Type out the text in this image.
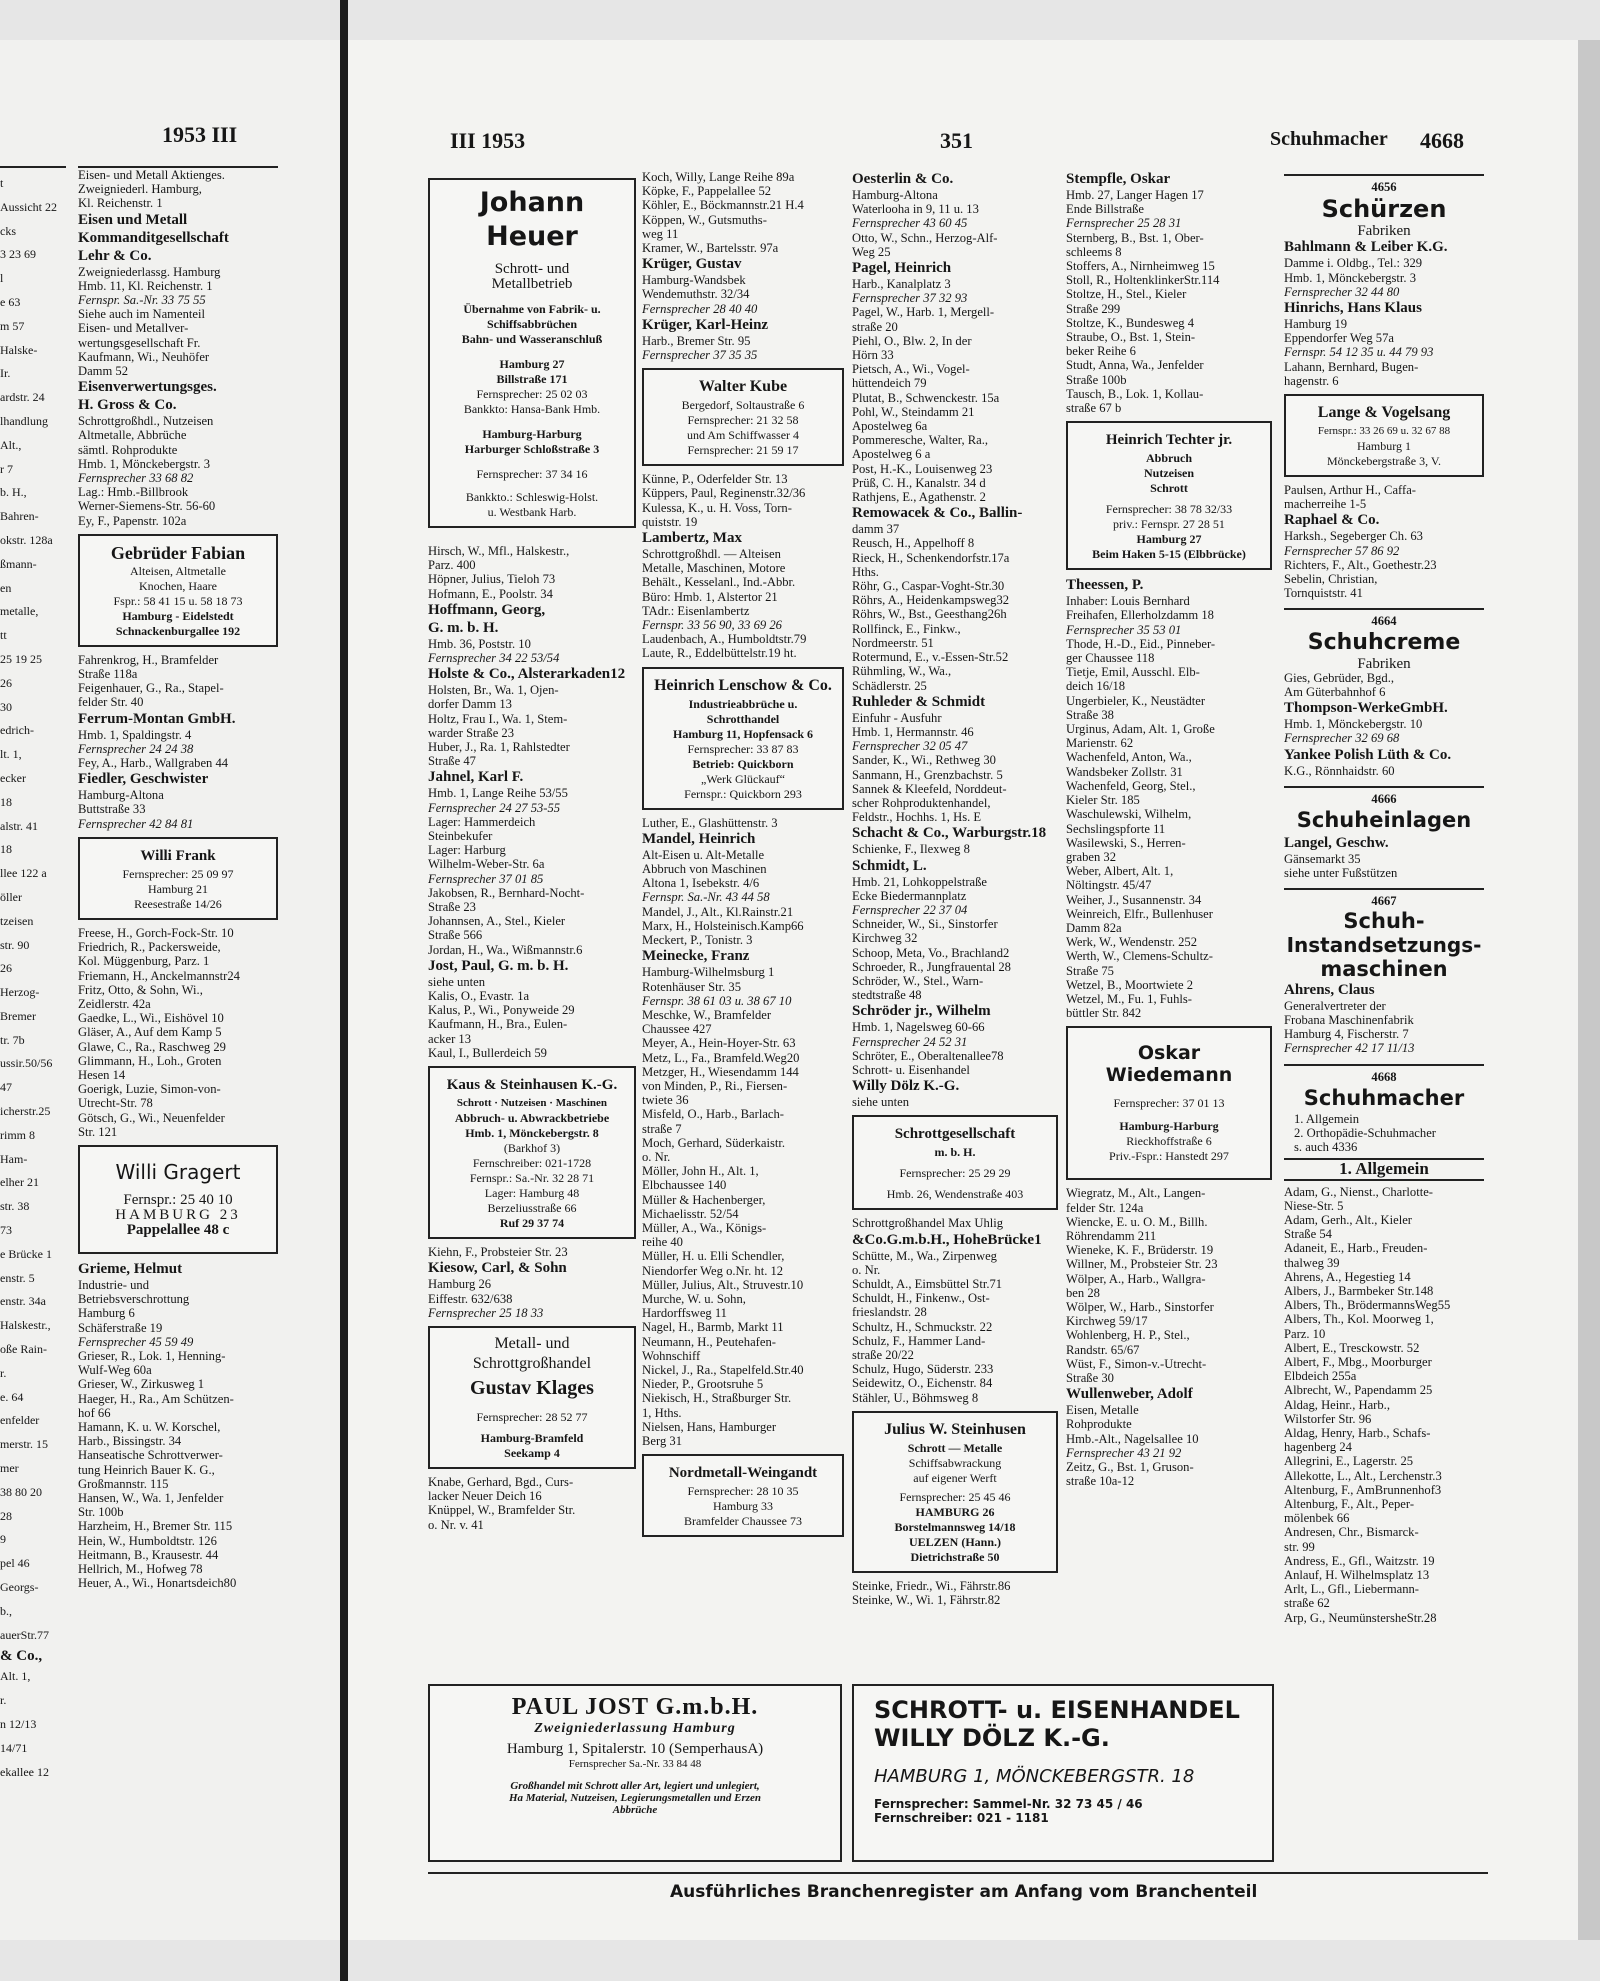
1953 III
t
Aussicht 22
cks
3 23 69
l
e 63
m 57
Halske-
Ir.
ardstr. 24
lhandlung
Alt.,
r 7
b. H.,
Bahren-
okstr. 128a
ßmann-
en
metalle,
tt
25 19 25
26
30
edrich-
lt. 1,
ecker
18
alstr. 41
18
llee 122 a
öller
tzeisen
str. 90
26
Herzog-
Bremer
tr. 7b
ussir.50/56
47
icherstr.25
rimm 8
Ham-
elher 21
str. 38
73
e Brücke 1
enstr. 5
enstr. 34a
Halskestr.,
oße Rain-
r.
e. 64
enfelder
merstr. 15
mer
38 80 20
28
9
pel 46
Georgs-
b.,
auerStr.77
& Co.,
Alt. 1,
r.
n 12/13
14/71
ekallee 12
Eisen- und Metall Aktienges.
Zweigniederl. Hamburg,
Kl. Reichenstr. 1
Eisen und Metall
Kommanditgesellschaft
Lehr & Co.
Zweigniederlassg. Hamburg
Hmb. 11, Kl. Reichenstr. 1
Fernspr. Sa.-Nr. 33 75 55
Siehe auch im Namenteil
Eisen- und Metallver-
wertungsgesellschaft Fr.
Kaufmann, Wi., Neuhöfer
Damm 52
Eisenverwertungsges.
H. Gross & Co.
Schrottgroßhdl., Nutzeisen
Altmetalle, Abbrüche
sämtl. Rohprodukte
Hmb. 1, Mönckebergstr. 3
Fernsprecher 33 68 82
Lag.: Hmb.-Billbrook
Werner-Siemens-Str. 56-60
Ey, F., Papenstr. 102a
Gebrüder Fabian
Alteisen, Altmetalle
Knochen, Haare
Fspr.: 58 41 15 u. 58 18 73
Hamburg - Eidelstedt
Schnackenburgallee 192
Fahrenkrog, H., Bramfelder
Straße 118a
Feigenhauer, G., Ra., Stapel-
felder Str. 40
Ferrum-Montan GmbH.
Hmb. 1, Spaldingstr. 4
Fernsprecher 24 24 38
Fey, A., Harb., Wallgraben 44
Fiedler, Geschwister
Hamburg-Altona
Buttstraße 33
Fernsprecher 42 84 81
Willi Frank
Fernsprecher: 25 09 97
Hamburg 21
Reesestraße 14/26
Freese, H., Gorch-Fock-Str. 10
Friedrich, R., Packersweide,
Kol. Müggenburg, Parz. 1
Friemann, H., Anckelmannstr24
Fritz, Otto, & Sohn, Wi.,
Zeidlerstr. 42a
Gaedke, L., Wi., Eishövel 10
Gläser, A., Auf dem Kamp 5
Glawe, C., Ra., Raschweg 29
Glimmann, H., Loh., Groten
Hesen 14
Goerigk, Luzie, Simon-von-
Utrecht-Str. 78
Götsch, G., Wi., Neuenfelder
Str. 121
Willi Gragert
Fernspr.: 25 40 10
HAMBURG 23
Pappelallee 48 c
Grieme, Helmut
Industrie- und
Betriebsverschrottung
Hamburg 6
Schäferstraße 19
Fernsprecher 45 59 49
Grieser, R., Lok. 1, Henning-
Wulf-Weg 60a
Grieser, W., Zirkusweg 1
Haeger, H., Ra., Am Schützen-
hof 66
Hamann, K. u. W. Korschel,
Harb., Bissingstr. 34
Hanseatische Schrottverwer-
tung Heinrich Bauer K. G.,
Großmannstr. 115
Hansen, W., Wa. 1, Jenfelder
Str. 100b
Harzheim, H., Bremer Str. 115
Hein, W., Humboldtstr. 126
Heitmann, B., Krausestr. 44
Hellrich, M., Hofweg 78
Heuer, A., Wi., Honartsdeich80
III 1953	351	Schuhmacher 4668
Johann Heuer
Schrott- und
Metallbetrieb
Übernahme von Fabrik- u.
Schiffsabbrüchen
Bahn- und Wasseranschluß
Hamburg 27
Billstraße 171
Fernsprecher: 25 02 03
Bankkto: Hansa-Bank Hmb.
Hamburg-Harburg
Harburger Schloßstraße 3
Fernsprecher: 37 34 16
Bankkto.: Schleswig-Holst.
u. Westbank Harb.
Hirsch, W., Mfl., Halskestr.,
Parz. 400
Höpner, Julius, Tieloh 73
Hofmann, E., Poolstr. 34
Hoffmann, Georg,
G. m. b. H.
Hmb. 36, Poststr. 10
Fernsprecher 34 22 53/54
Holste & Co., Alsterarkaden12
Holsten, Br., Wa. 1, Ojen-
dorfer Damm 13
Holtz, Frau I., Wa. 1, Stem-
warder Straße 23
Huber, J., Ra. 1, Rahlstedter
Straße 47
Jahnel, Karl F.
Hmb. 1, Lange Reihe 53/55
Fernsprecher 24 27 53-55
Lager: Hammerdeich
Steinbekufer
Lager: Harburg
Wilhelm-Weber-Str. 6a
Fernsprecher 37 01 85
Jakobsen, R., Bernhard-Nocht-
Straße 23
Johannsen, A., Stel., Kieler
Straße 566
Jordan, H., Wa., Wißmannstr.6
Jost, Paul, G. m. b. H.
siehe unten
Kalis, O., Evastr. 1a
Kalus, P., Wi., Ponyweide 29
Kaufmann, H., Bra., Eulen-
acker 13
Kaul, I., Bullerdeich 59
Kaus & Steinhausen K.-G.
Schrott · Nutzeisen · Maschinen
Abbruch- u. Abwrackbetriebe
Hmb. 1, Mönckebergstr. 8
(Barkhof 3)
Fernschreiber: 021-1728
Fernspr.: Sa.-Nr. 32 28 71
Lager: Hamburg 48
Berzeliusstraße 66
Ruf 29 37 74
Kiehn, F., Probsteier Str. 23
Kiesow, Carl, & Sohn
Hamburg 26
Eiffestr. 632/638
Fernsprecher 25 18 33
Metall- und
Schrottgroßhandel
Gustav Klages
Fernsprecher: 28 52 77
Hamburg-Bramfeld
Seekamp 4
Knabe, Gerhard, Bgd., Curs-
lacker Neuer Deich 16
Knüppel, W., Bramfelder Str.
o. Nr. v. 41
Koch, Willy, Lange Reihe 89a
Köpke, F., Pappelallee 52
Köhler, E., Böckmannstr.21 H.4
Köppen, W., Gutsmuths-
weg 11
Kramer, W., Bartelsstr. 97a
Krüger, Gustav
Hamburg-Wandsbek
Wendemuthstr. 32/34
Fernsprecher 28 40 40
Krüger, Karl-Heinz
Harb., Bremer Str. 95
Fernsprecher 37 35 35
Walter Kube
Bergedorf, Soltaustraße 6
Fernsprecher: 21 32 58
und Am Schiffwasser 4
Fernsprecher: 21 59 17
Künne, P., Oderfelder Str. 13
Küppers, Paul, Reginenstr.32/36
Kulessa, K., u. H. Voss, Torn-
quiststr. 19
Lambertz, Max
Schrottgroßhdl. — Alteisen
Metalle, Maschinen, Motore
Behält., Kesselanl., Ind.-Abbr.
Büro: Hmb. 1, Alstertor 21
TAdr.: Eisenlambertz
Fernspr. 33 56 90, 33 69 26
Laudenbach, A., Humboldtstr.79
Laute, R., Eddelbüttelstr.19 ht.
Heinrich Lenschow & Co.
Industrieabbrüche u.
Schrotthandel
Hamburg 11, Hopfensack 6
Fernsprecher: 33 87 83
Betrieb: Quickborn
„Werk Glückauf“
Fernspr.: Quickborn 293
Luther, E., Glashüttenstr. 3
Mandel, Heinrich
Alt-Eisen u. Alt-Metalle
Abbruch von Maschinen
Altona 1, Isebekstr. 4/6
Fernspr. Sa.-Nr. 43 44 58
Mandel, J., Alt., Kl.Rainstr.21
Marx, H., Holsteinisch.Kamp66
Meckert, P., Tonistr. 3
Meinecke, Franz
Hamburg-Wilhelmsburg 1
Rotenhäuser Str. 35
Fernspr. 38 61 03 u. 38 67 10
Meschke, W., Bramfelder
Chaussee 427
Meyer, A., Hein-Hoyer-Str. 63
Metz, L., Fa., Bramfeld.Weg20
Metzger, H., Wiesendamm 144
von Minden, P., Ri., Fiersen-
twiete 36
Misfeld, O., Harb., Barlach-
straße 7
Moch, Gerhard, Süderkaistr.
o. Nr.
Möller, John H., Alt. 1,
Elbchaussee 140
Müller & Hachenberger,
Michaelisstr. 52/54
Müller, A., Wa., Königs-
reihe 40
Müller, H. u. Elli Schendler,
Niendorfer Weg o.Nr. ht. 12
Müller, Julius, Alt., Struvestr.10
Murche, W. u. Sohn,
Hardorffsweg 11
Nagel, H., Barmb, Markt 11
Neumann, H., Peutehafen-
Wohnschiff
Nickel, J., Ra., Stapelfeld.Str.40
Nieder, P., Grootsruhe 5
Niekisch, H., Straßburger Str.
1, Hths.
Nielsen, Hans, Hamburger
Berg 31
Nordmetall-Weingandt
Fernsprecher: 28 10 35
Hamburg 33
Bramfelder Chaussee 73
Oesterlin & Co.
Hamburg-Altona
Waterlooha in 9, 11 u. 13
Fernsprecher 43 60 45
Otto, W., Schn., Herzog-Alf-
Weg 25
Pagel, Heinrich
Harb., Kanalplatz 3
Fernsprecher 37 32 93
Pagel, W., Harb. 1, Mergell-
straße 20
Piehl, O., Blw. 2, In der
Hörn 33
Pietsch, A., Wi., Vogel-
hüttendeich 79
Plutat, B., Schwenckestr. 15a
Pohl, W., Steindamm 21
Apostelweg 6a
Pommeresche, Walter, Ra.,
Apostelweg 6 a
Post, H.-K., Louisenweg 23
Prüß, C. H., Kanalstr. 34 d
Rathjens, E., Agathenstr. 2
Remowacek & Co., Ballin-
damm 37
Reusch, H., Appelhoff 8
Rieck, H., Schenkendorfstr.17a
Hths.
Röhr, G., Caspar-Voght-Str.30
Röhrs, A., Heidenkampsweg32
Röhrs, W., Bst., Geesthang26h
Rollfinck, E., Finkw.,
Nordmeerstr. 51
Rotermund, E., v.-Essen-Str.52
Rühmling, W., Wa.,
Schädlerstr. 25
Ruhleder & Schmidt
Einfuhr - Ausfuhr
Hmb. 1, Hermannstr. 46
Fernsprecher 32 05 47
Sander, K., Wi., Rethweg 30
Sanmann, H., Grenzbachstr. 5
Sannek & Kleefeld, Norddeut-
scher Rohproduktenhandel,
Feldstr., Hochhs. 1, Hs. E
Schacht & Co., Warburgstr.18
Schienke, F., Ilexweg 8
Schmidt, L.
Hmb. 21, Lohkoppelstraße
Ecke Biedermannplatz
Fernsprecher 22 37 04
Schneider, W., Si., Sinstorfer
Kirchweg 32
Schoop, Meta, Vo., Brachland2
Schroeder, R., Jungfrauental 28
Schröder, W., Stel., Warn-
stedtstraße 48
Schröder jr., Wilhelm
Hmb. 1, Nagelsweg 60-66
Fernsprecher 24 52 31
Schröter, E., Oberaltenallee78
Schrott- u. Eisenhandel
Willy Dölz K.-G.
siehe unten
Schrottgesellschaft
m. b. H.
Fernsprecher: 25 29 29
Hmb. 26, Wendenstraße 403
Schrottgroßhandel Max Uhlig
&Co.G.m.b.H., HoheBrücke1
Schütte, M., Wa., Zirpenweg
o. Nr.
Schuldt, A., Eimsbüttel Str.71
Schuldt, H., Finkenw., Ost-
frieslandstr. 28
Schultz, H., Schmuckstr. 22
Schulz, F., Hammer Land-
straße 20/22
Schulz, Hugo, Süderstr. 233
Seidewitz, O., Eichenstr. 84
Stähler, U., Böhmsweg 8
Julius W. Steinhusen
Schrott — Metalle
Schiffsabwrackung
auf eigener Werft
Fernsprecher: 25 45 46
HAMBURG 26
Borstelmannsweg 14/18
UELZEN (Hann.)
Dietrichstraße 50
Steinke, Friedr., Wi., Fährstr.86
Steinke, W., Wi. 1, Fährstr.82
Stempfle, Oskar
Hmb. 27, Langer Hagen 17
Ende Billstraße
Fernsprecher 25 28 31
Sternberg, B., Bst. 1, Ober-
schleems 8
Stoffers, A., Nirnheimweg 15
Stoll, R., HoltenklinkerStr.114
Stoltze, H., Stel., Kieler
Straße 299
Stoltze, K., Bundesweg 4
Straube, O., Bst. 1, Stein-
beker Reihe 6
Studt, Anna, Wa., Jenfelder
Straße 100b
Tausch, B., Lok. 1, Kollau-
straße 67 b
Heinrich Techter jr.
Abbruch
Nutzeisen
Schrott
Fernsprecher: 38 78 32/33
priv.: Fernspr. 27 28 51
Hamburg 27
Beim Haken 5-15 (Elbbrücke)
Theessen, P.
Inhaber: Louis Bernhard
Freihafen, Ellerholzdamm 18
Fernsprecher 35 53 01
Thode, H.-D., Eid., Pinneber-
ger Chaussee 118
Tietje, Emil, Ausschl. Elb-
deich 16/18
Ungerbieler, K., Neustädter
Straße 38
Urginus, Adam, Alt. 1, Große
Marienstr. 62
Wachenfeld, Anton, Wa.,
Wandsbeker Zollstr. 31
Wachenfeld, Georg, Stel.,
Kieler Str. 185
Waschulewski, Wilhelm,
Sechslingspforte 11
Wasilewski, S., Herren-
graben 32
Weber, Albert, Alt. 1,
Nöltingstr. 45/47
Weiher, J., Susannenstr. 34
Weinreich, Elfr., Bullenhuser
Damm 82a
Werk, W., Wendenstr. 252
Werth, W., Clemens-Schultz-
Straße 75
Wetzel, B., Moortwiete 2
Wetzel, M., Fu. 1, Fuhls-
büttler Str. 842
Oskar Wiedemann
Fernsprecher: 37 01 13
Hamburg-Harburg
Rieckhoffstraße 6
Priv.-Fspr.: Hanstedt 297
Wiegratz, M., Alt., Langen-
felder Str. 124a
Wiencke, E. u. O. M., Billh.
Röhrendamm 211
Wieneke, K. F., Brüderstr. 19
Willner, M., Probsteier Str. 23
Wölper, A., Harb., Wallgra-
ben 28
Wölper, W., Harb., Sinstorfer
Kirchweg 59/17
Wohlenberg, H. P., Stel.,
Randstr. 65/67
Wüst, F., Simon-v.-Utrecht-
Straße 30
Wullenweber, Adolf
Eisen, Metalle
Rohprodukte
Hmb.-Alt., Nagelsallee 10
Fernsprecher 43 21 92
Zeitz, G., Bst. 1, Gruson-
straße 10a-12
4656
Schürzen
Fabriken
Bahlmann & Leiber K.G.
Damme i. Oldbg., Tel.: 329
Hmb. 1, Mönckebergstr. 3
Fernsprecher 32 44 80
Hinrichs, Hans Klaus
Hamburg 19
Eppendorfer Weg 57a
Fernspr. 54 12 35 u. 44 79 93
Lahann, Bernhard, Bugen-
hagenstr. 6
Lange & Vogelsang
Fernspr.: 33 26 69 u. 32 67 88
Hamburg 1
Mönckebergstraße 3, V.
Paulsen, Arthur H., Caffa-
macherreihe 1-5
Raphael & Co.
Harksh., Segeberger Ch. 63
Fernsprecher 57 86 92
Richters, F., Alt., Goethestr.23
Sebelin, Christian,
Tornquiststr. 41
4664
Schuhcreme
Fabriken
Gies, Gebrüder, Bgd.,
Am Güterbahnhof 6
Thompson-WerkeGmbH.
Hmb. 1, Mönckebergstr. 10
Fernsprecher 32 69 68
Yankee Polish Lüth & Co.
K.G., Rönnhaidstr. 60
4666
Schuheinlagen
Langel, Geschw.
Gänsemarkt 35
siehe unter Fußstützen
4667
Schuh-
Instandsetzungs-
maschinen
Ahrens, Claus
Generalvertreter der
Frobana Maschinenfabrik
Hamburg 4, Fischerstr. 7
Fernsprecher 42 17 11/13
4668
Schuhmacher
1. Allgemein
2. Orthopädie-Schuhmacher
s. auch 4336
1. Allgemein
Adam, G., Nienst., Charlotte-
Niese-Str. 5
Adam, Gerh., Alt., Kieler
Straße 54
Adaneit, E., Harb., Freuden-
thalweg 39
Ahrens, A., Hegestieg 14
Albers, J., Barmbeker Str.148
Albers, Th., BrödermannsWeg55
Albers, Th., Kol. Moorweg 1,
Parz. 10
Albert, E., Tresckowstr. 52
Albert, F., Mbg., Moorburger
Elbdeich 255a
Albrecht, W., Papendamm 25
Aldag, Heinr., Harb.,
Wilstorfer Str. 96
Aldag, Henry, Harb., Schafs-
hagenberg 24
Allegrini, E., Lagerstr. 25
Allekotte, L., Alt., Lerchenstr.3
Altenburg, F., AmBrunnenhof3
Altenburg, F., Alt., Peper-
mölenbek 66
Andresen, Chr., Bismarck-
str. 99
Andress, E., Gfl., Waitzstr. 19
Anlauf, H. Wilhelmsplatz 13
Arlt, L., Gfl., Liebermann-
straße 62
Arp, G., NeumünstersheStr.28
PAUL JOST G.m.b.H.
Zweigniederlassung Hamburg
Hamburg 1, Spitalerstr. 10 (SemperhausA)
Fernsprecher Sa.-Nr. 33 84 48
Großhandel mit Schrott aller Art, legiert und unlegiert,
Ha Material, Nutzeisen, Legierungsmetallen und Erzen
Abbrüche
SCHROTT- u. EISENHANDEL
WILLY DÖLZ K.-G.
HAMBURG 1, MÖNCKEBERGSTR. 18
Fernsprecher: Sammel-Nr. 32 73 45 / 46
Fernschreiber: 021 - 1181
Ausführliches Branchenregister am Anfang vom Branchenteil
